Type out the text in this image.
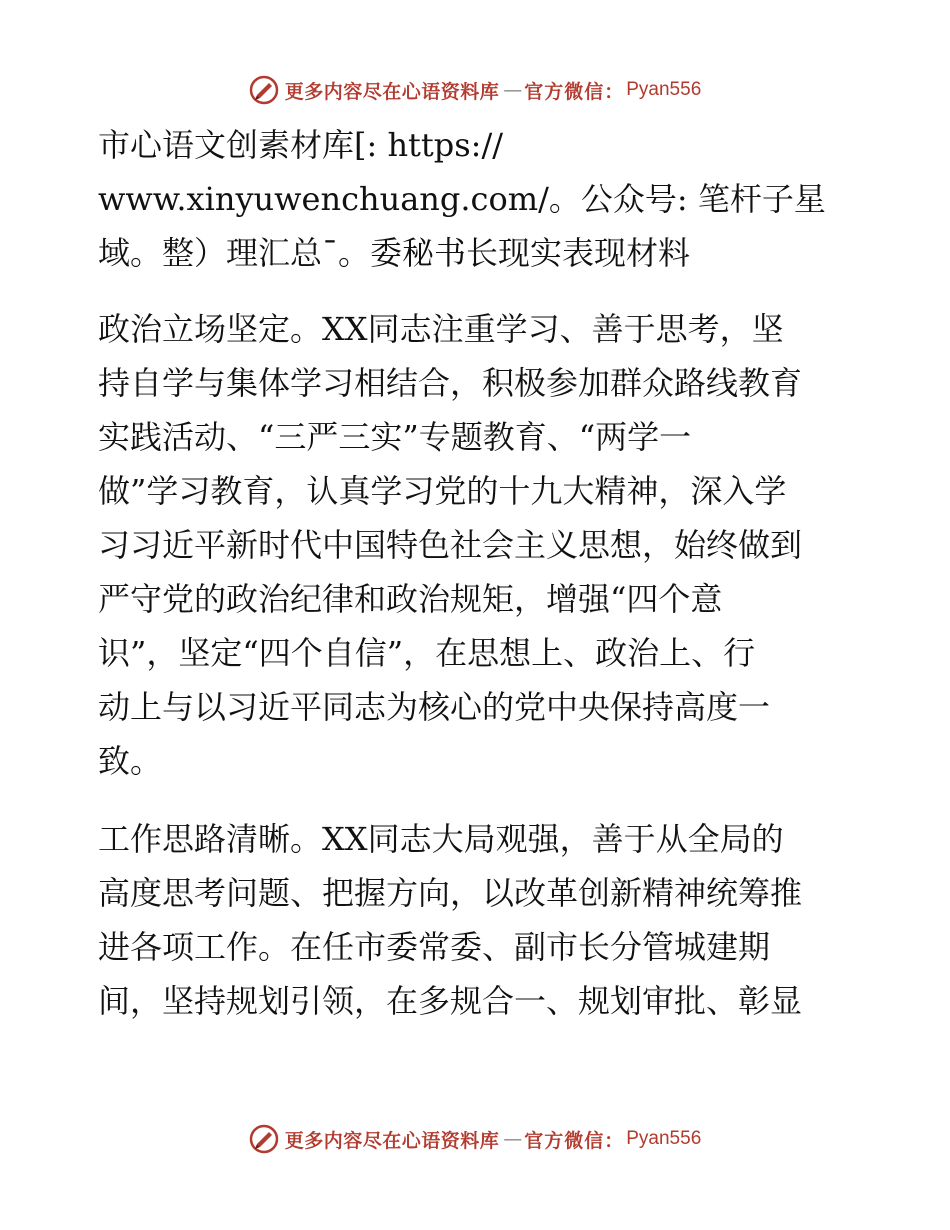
更多内容尽在心语资料库 — 官方微信： Pyan556

市心语文创素材库[: https://
www.xinyuwenchuang.com/。公众号: 笔杆子星
域。整）理汇总¯。委秘书长现实表现材料

政治立场坚定。XX同志注重学习、善于思考，坚
持自学与集体学习相结合，积极参加群众路线教育
实践活动、“三严三实”专题教育、“两学一
做”学习教育，认真学习党的十九大精神，深入学
习习近平新时代中国特色社会主义思想，始终做到
严守党的政治纪律和政治规矩，增强“四个意
识”，坚定“四个自信”，在思想上、政治上、行
动上与以习近平同志为核心的党中央保持高度一
致。

工作思路清晰。XX同志大局观强，善于从全局的
高度思考问题、把握方向，以改革创新精神统筹推
进各项工作。在任市委常委、副市长分管城建期
间，坚持规划引领，在多规合一、规划审批、彰显

更多内容尽在心语资料库 — 官方微信： Pyan556
